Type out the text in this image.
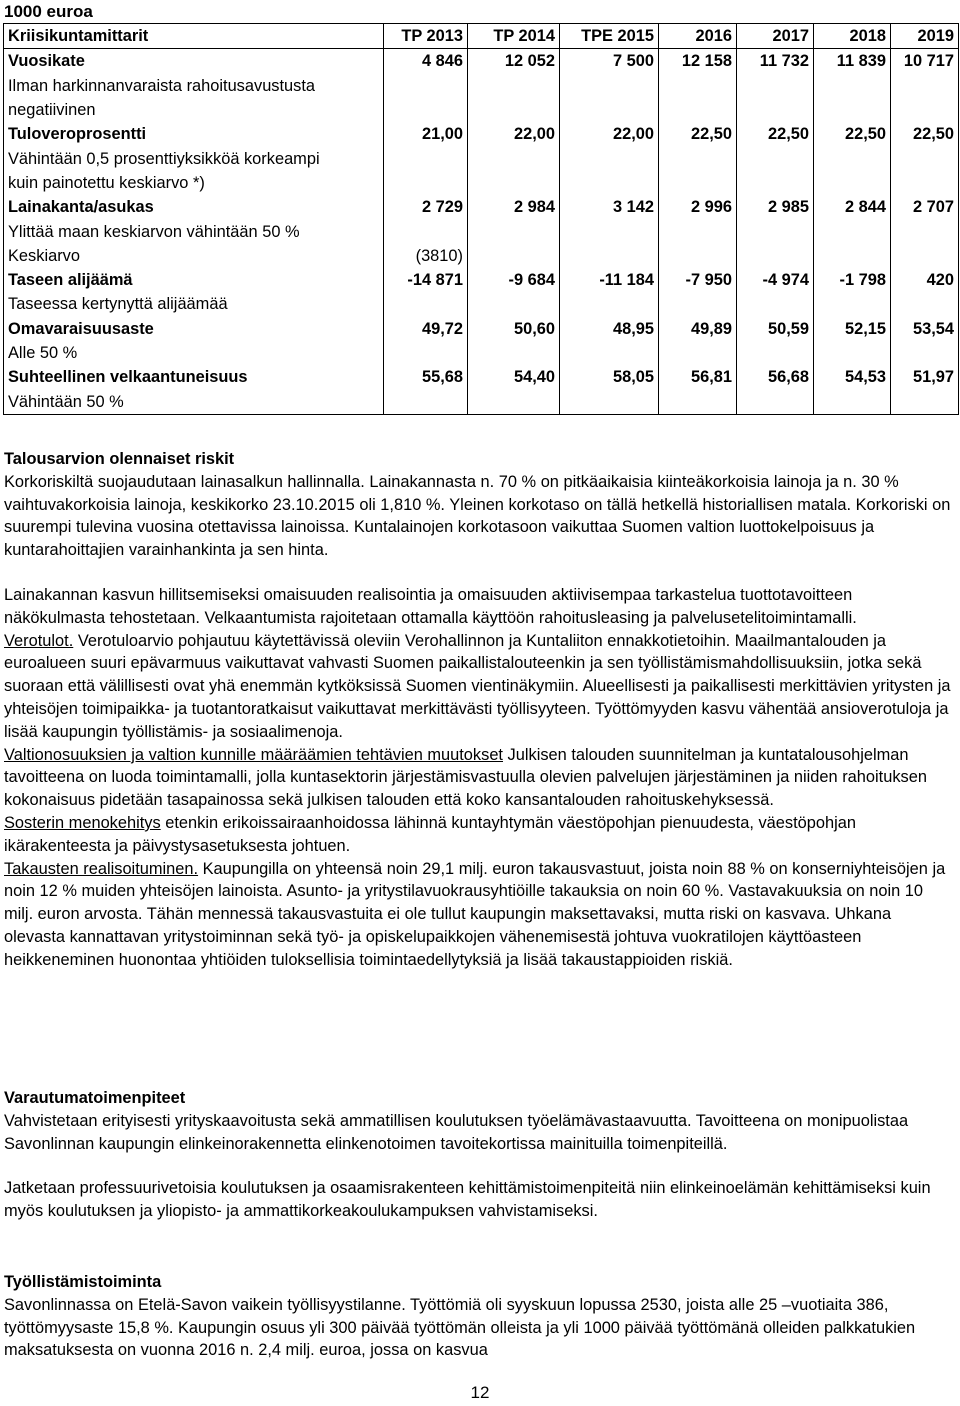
1000 euroa
Kriisikuntamittarit	TP 2013	TP 2014	TPE 2015	2016	2017	2018	2019
Vuosikate	4 846	12 052	7 500	12 158	11 732	11 839	10 717
Ilman harkinnanvaraista rahoitusavustusta							
negatiivinen							
Tuloveroprosentti	21,00	22,00	22,00	22,50	22,50	22,50	22,50
Vähintään 0,5 prosenttiyksikköä korkeampi							
kuin painotettu keskiarvo *)							
Lainakanta/asukas	2 729	2 984	3 142	2 996	2 985	2 844	2 707
Ylittää maan keskiarvon vähintään 50 %							
Keskiarvo	(3810)						
Taseen alijäämä	-14 871	-9 684	-11 184	-7 950	-4 974	-1 798	420
Taseessa kertynyttä alijäämää							
Omavaraisuusaste	49,72	50,60	48,95	49,89	50,59	52,15	53,54
Alle 50 %							
Suhteellinen velkaantuneisuus	55,68	54,40	58,05	56,81	56,68	54,53	51,97
Vähintään 50 %							

Talousarvion olennaiset riskit

Korkoriskiltä suojaudutaan lainasalkun hallinnalla. Lainakannasta n. 70 % on pitkäaikaisia kiinteäkorkoisia lainoja ja n. 30 % vaihtuvakorkoisia lainoja, keskikorko 23.10.2015 oli 1,810 %. Yleinen korkotaso on tällä hetkellä historiallisen matala. Korkoriski on suurempi tulevina vuosina otettavissa lainoissa. Kuntalainojen korkotasoon vaikuttaa Suomen valtion luottokelpoisuus ja kuntarahoittajien varainhankinta ja sen hinta.

Lainakannan kasvun hillitsemiseksi omaisuuden realisointia ja omaisuuden aktiivisempaa tarkastelua tuottotavoitteen näkökulmasta tehostetaan. Velkaantumista rajoitetaan ottamalla käyttöön rahoitusleasing ja palvelusetelitoimintamalli.

Verotulot. Verotuloarvio pohjautuu käytettävissä oleviin Verohallinnon ja Kuntaliiton ennakkotietoihin. Maailmantalouden ja euroalueen suuri epävarmuus vaikuttavat vahvasti Suomen paikallistalouteenkin ja sen työllistämismahdollisuuksiin, jotka sekä suoraan että välillisesti ovat yhä enemmän kytköksissä Suomen vientinäkymiin. Alueellisesti ja paikallisesti merkittävien yritysten ja yhteisöjen toimipaikka- ja tuotantoratkaisut vaikuttavat merkittävästi työllisyyteen. Työttömyyden kasvu vähentää ansioverotuloja ja lisää kaupungin työllistämis- ja sosiaalimenoja.

Valtionosuuksien ja valtion kunnille määräämien tehtävien muutokset Julkisen talouden suunnitelman ja kuntatalousohjelman tavoitteena on luoda toimintamalli, jolla kuntasektorin järjestämisvastuulla olevien palvelujen järjestäminen ja niiden rahoituksen kokonaisuus pidetään tasapainossa sekä julkisen talouden että koko kansantalouden rahoituskehyksessä.

Sosterin menokehitys etenkin erikoissairaanhoidossa lähinnä kuntayhtymän väestöpohjan pienuudesta, väestöpohjan ikärakenteesta ja päivystysasetuksesta johtuen.

Takausten realisoituminen. Kaupungilla on yhteensä noin 29,1 milj. euron takausvastuut, joista noin 88 % on konserniyhteisöjen ja noin 12 % muiden yhteisöjen lainoista. Asunto- ja yritystilavuokrausyhtiöille takauksia on noin 60 %. Vastavakuuksia on noin 10 milj. euron arvosta. Tähän mennessä takausvastuita ei ole tullut kaupungin maksettavaksi, mutta riski on kasvava. Uhkana olevasta kannattavan yritystoiminnan sekä työ- ja opiskelupaikkojen vähenemisestä johtuva vuokratilojen käyttöasteen heikkeneminen huonontaa yhtiöiden tuloksellisia toimintaedellytyksiä ja lisää takaustappioiden riskiä.

Varautumatoimenpiteet

Vahvistetaan erityisesti yrityskaavoitusta sekä ammatillisen koulutuksen työelämävastaavuutta. Tavoitteena on monipuolistaa Savonlinnan kaupungin elinkeinorakennetta elinkenotoimen tavoitekortissa mainituilla toimenpiteillä.

Jatketaan professuurivetoisia koulutuksen ja osaamisrakenteen kehittämistoimenpiteitä niin elinkeinoelämän kehittämiseksi kuin myös koulutuksen ja yliopisto- ja ammattikorkeakoulukampuksen vahvistamiseksi.

Työllistämistoiminta

Savonlinnassa on Etelä-Savon vaikein työllisyystilanne. Työttömiä oli syyskuun lopussa 2530, joista alle 25 –vuotiaita 386, työttömyysaste 15,8 %. Kaupungin osuus yli 300 päivää työttömän olleista ja yli 1000 päivää työttömänä olleiden palkkatukien maksatuksesta on vuonna 2016 n. 2,4 milj. euroa, jossa on kasvua

12
